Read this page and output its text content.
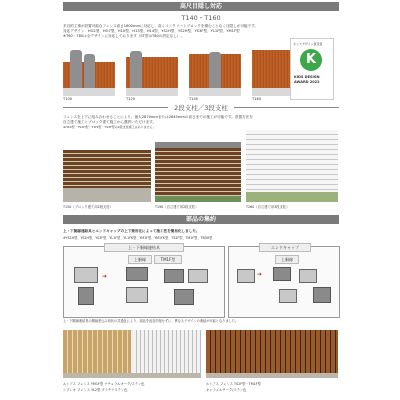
高尺目隠し対応
T140・T160
多目的工事が設置可能なフェンス高さ1600mmに対応し、高くコンクリートブロックを積むことなく目隠しが可能です。
対応デザイン：HO2型、HO7型、H10型、H13型、H14型、YS1H型、YS2H型、YS3F型、YL1F型、YM1F型
※T60・T80は全デザインに対応しております（ST型はT80の設定なし）。
T100	T120	T140	T160
キッズデザイン賞受賞
K
KIDS DESIGN
AWARD 2022
2段支柱／3段支柱
フェンスを上下に組み合わせることにより、最大2870mmまたは2645mmの高さまでの施工が可能です。設置方法を
自立建て施工とブロック建て施工から選択いただけます。
※H10型・YS1H型・T1HI型・YS3F型の2段支柱施工はありません。
T150（ブロック建て用2段支柱）	T190（自立建て用2段支柱）	T260（自立建て用3段支柱）
部品の集約
上・下胴縁連結具とエンドキャップの上下兼用化によって施工性を簡易化しました。
※YS1H型、YS2H型、YS3F型、YL1F型、YL1FK型、YM1F型、YM1FK型、TS2F型、TM1F型、TB3H型
上・下胴縁連結具
上胴縁	TM1F型
➜
エンドキャップ
上胴縁
➜
上・下胴縁連結具の胴縁差込み形状の共通化により、部品を追加手配せずに、異なるデザインの連結が可能となりました。
ルシアス フェンス YM1F型 ナチュラルオーク/ステン色
シプレオ フェンス YL2型 プラチナステン色
ルシアス フェンス TS2F型・TM1F型
キャラメルチーク/ステン色
